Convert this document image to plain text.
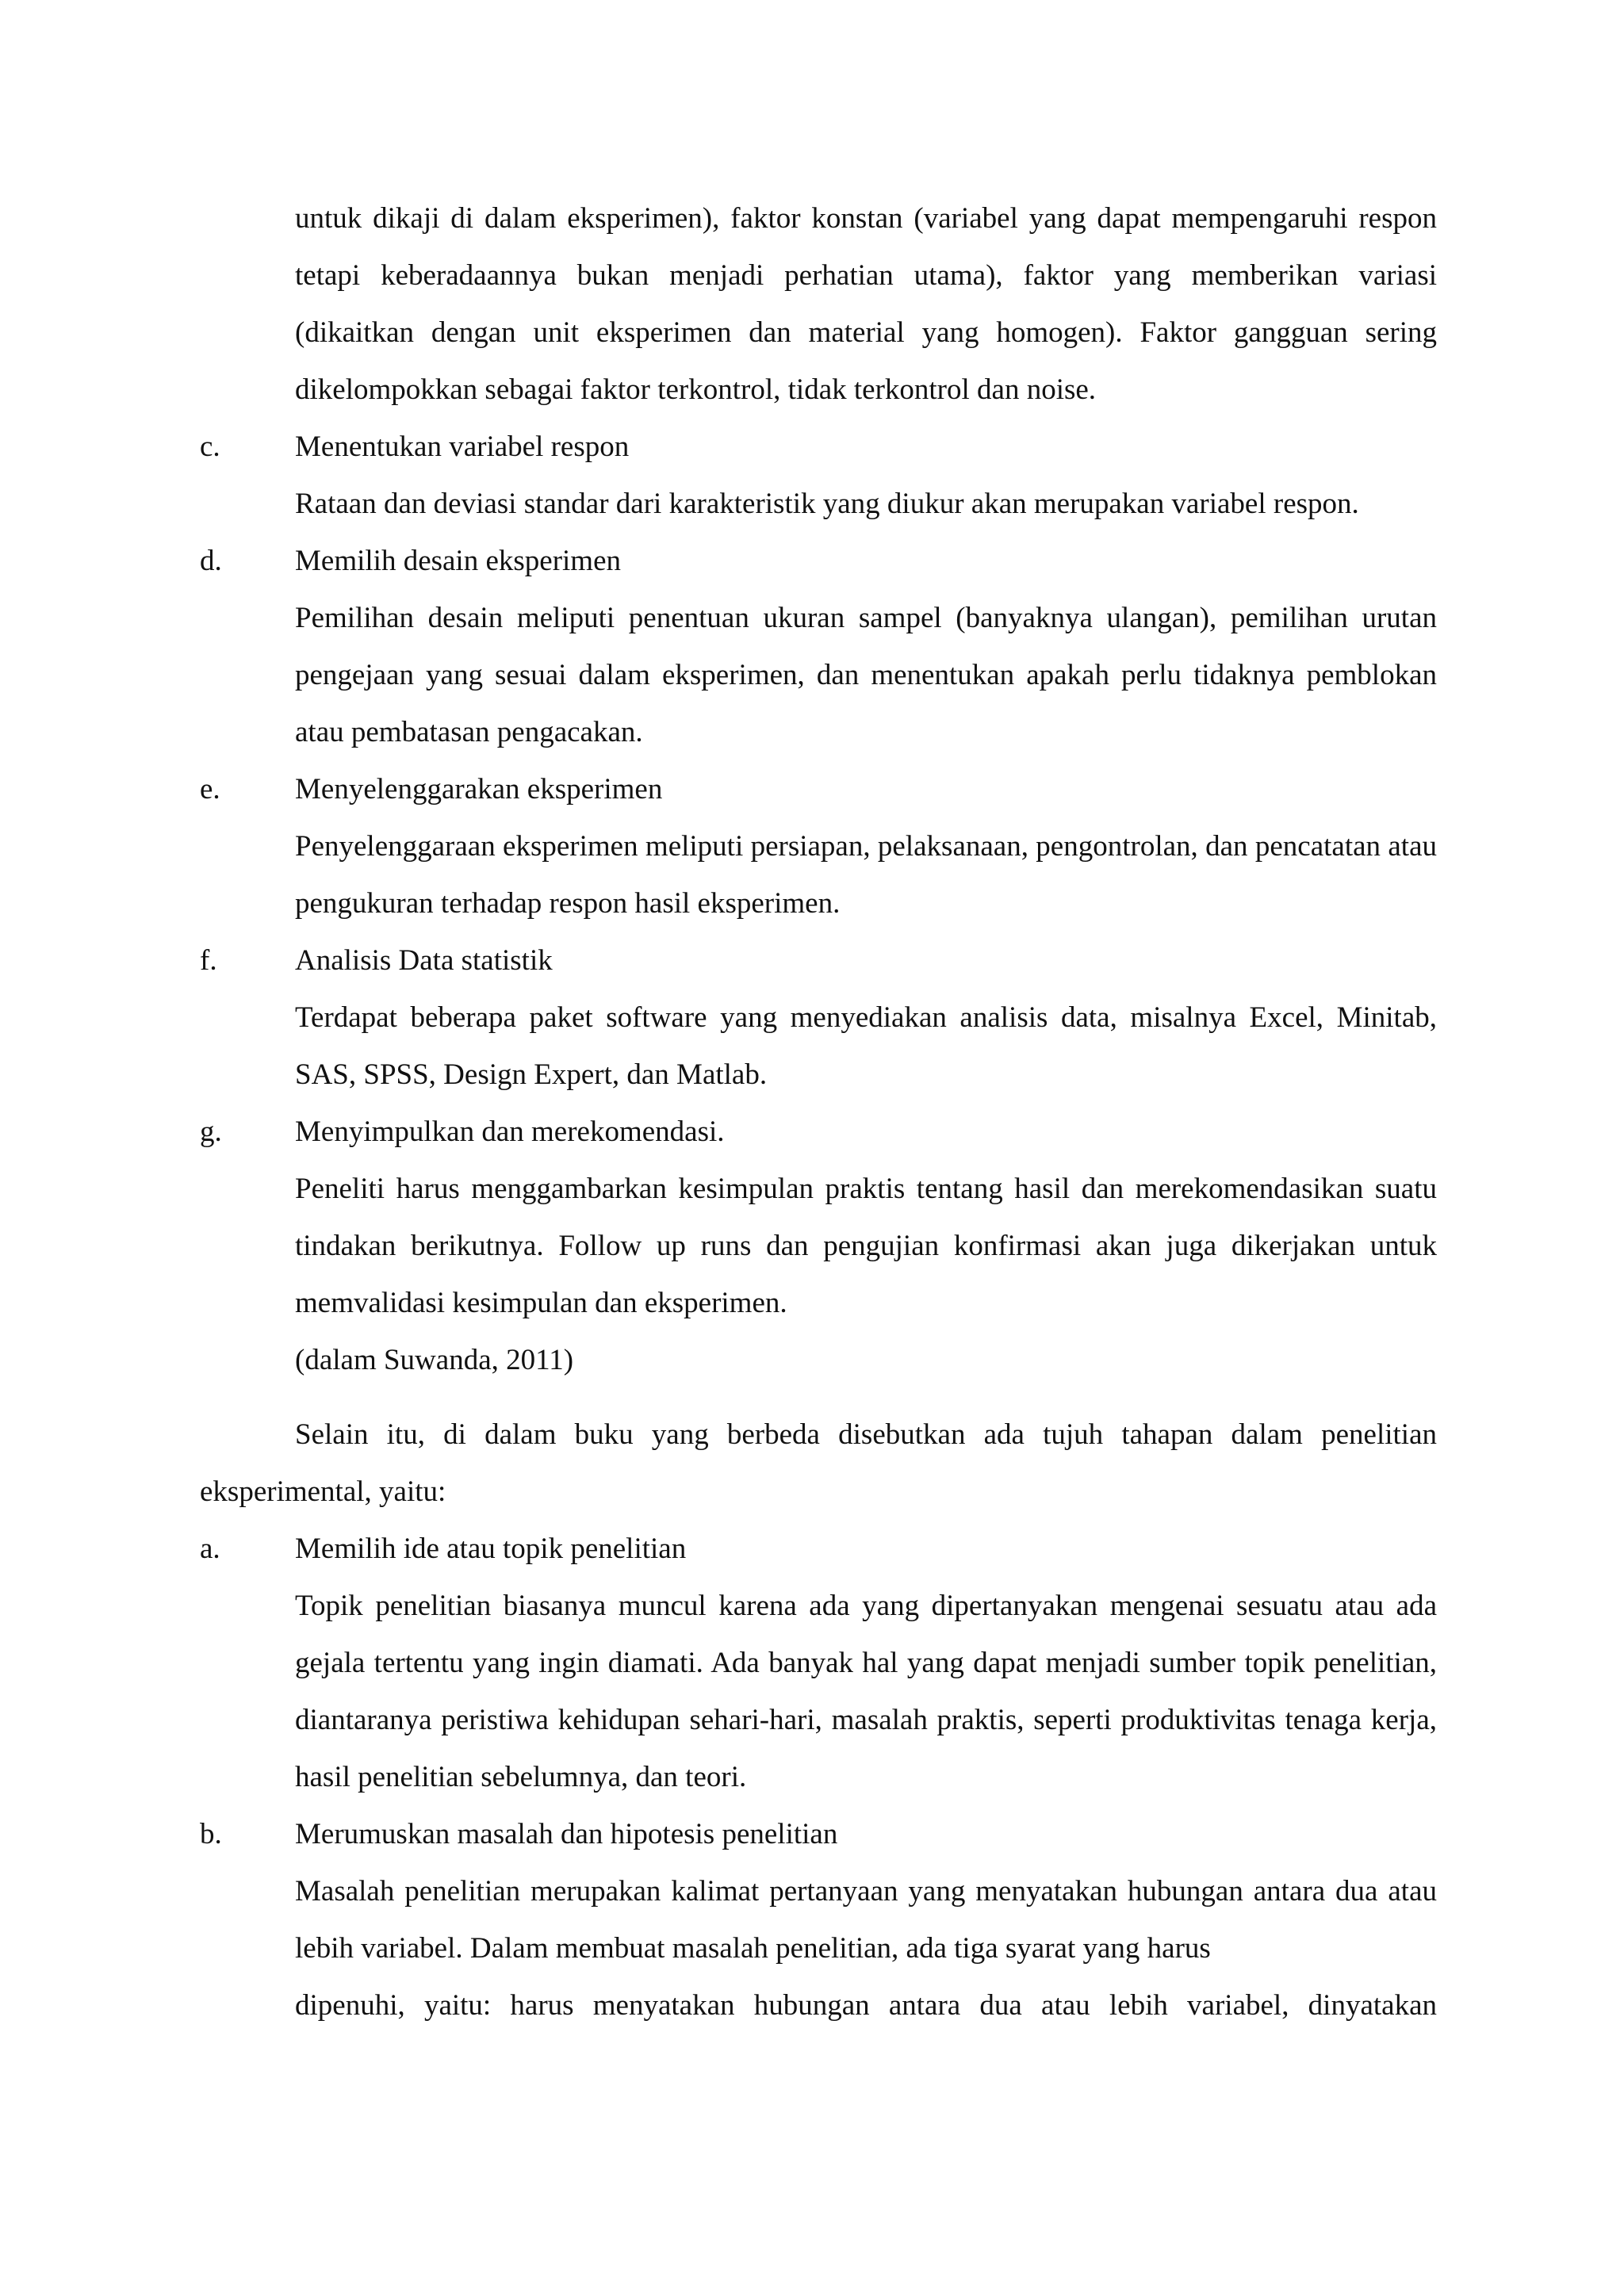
untuk dikaji di dalam eksperimen), faktor konstan (variabel yang dapat mempengaruhi respon tetapi keberadaannya bukan menjadi perhatian utama), faktor yang memberikan variasi (dikaitkan dengan unit eksperimen dan material yang homogen). Faktor gangguan sering dikelompokkan sebagai faktor terkontrol, tidak terkontrol dan noise.
c.	Menentukan variabel respon
Rataan dan deviasi standar dari karakteristik yang diukur akan merupakan variabel respon.
d.	Memilih desain eksperimen
Pemilihan desain meliputi penentuan ukuran sampel (banyaknya ulangan), pemilihan urutan pengejaan yang sesuai dalam eksperimen, dan menentukan apakah perlu tidaknya pemblokan atau pembatasan pengacakan.
e.	Menyelenggarakan eksperimen
Penyelenggaraan eksperimen meliputi persiapan, pelaksanaan, pengontrolan, dan pencatatan atau pengukuran terhadap respon hasil eksperimen.
f.	Analisis Data statistik
Terdapat beberapa paket software yang menyediakan analisis data, misalnya Excel, Minitab, SAS, SPSS, Design Expert, dan Matlab.
g.	Menyimpulkan dan merekomendasi.
Peneliti harus menggambarkan kesimpulan praktis tentang hasil dan merekomendasikan suatu tindakan berikutnya. Follow up runs dan pengujian konfirmasi akan juga dikerjakan untuk memvalidasi kesimpulan dan eksperimen.
(dalam Suwanda, 2011)
Selain itu, di dalam buku yang berbeda disebutkan ada tujuh tahapan dalam penelitian eksperimental, yaitu:
a.	Memilih ide atau topik penelitian
Topik penelitian biasanya muncul karena ada yang dipertanyakan mengenai sesuatu atau ada gejala tertentu yang ingin diamati. Ada banyak hal yang dapat menjadi sumber topik penelitian, diantaranya peristiwa kehidupan sehari-hari, masalah praktis, seperti produktivitas tenaga kerja, hasil penelitian sebelumnya, dan teori.
b.	Merumuskan masalah dan hipotesis penelitian
Masalah penelitian merupakan kalimat pertanyaan yang menyatakan hubungan antara dua atau lebih variabel. Dalam membuat masalah penelitian, ada tiga syarat yang harus
dipenuhi, yaitu: harus menyatakan hubungan antara dua atau lebih variabel, dinyatakan
